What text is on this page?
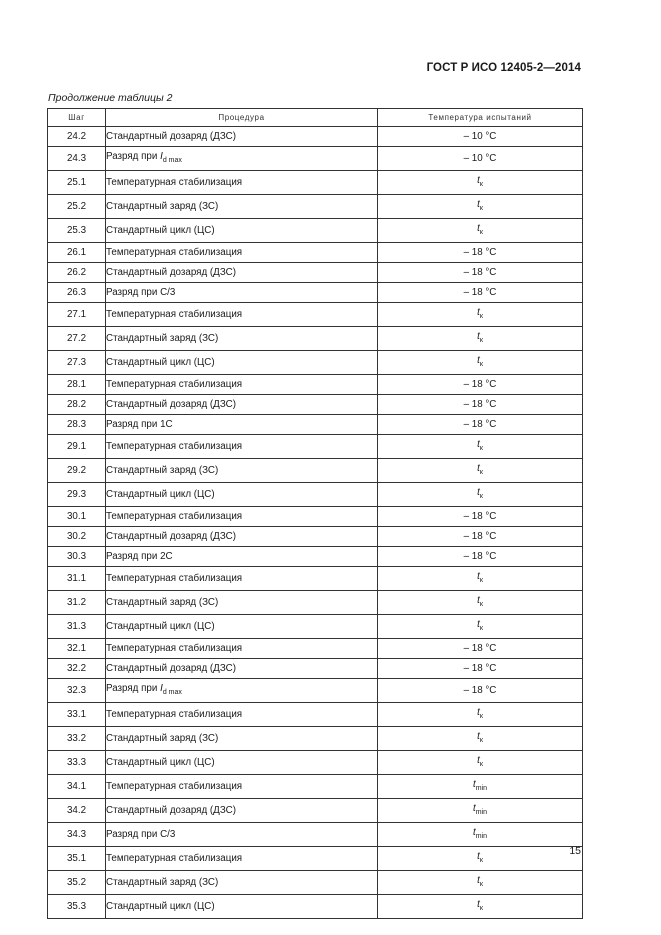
ГОСТ Р ИСО 12405-2—2014
Продолжение таблицы 2
Шаг	Процедура	Температура испытаний
24.2	Стандартный дозаряд (ДЗС)	– 10 °С
24.3	Разряд при $I_{d max}$	– 10 °С
25.1	Температурная стабилизация	$t_к$
25.2	Стандартный заряд (ЗС)	$t_к$
25.3	Стандартный цикл (ЦС)	$t_к$
26.1	Температурная стабилизация	– 18 °С
26.2	Стандартный дозаряд (ДЗС)	– 18 °С
26.3	Разряд при С/3	– 18 °С
27.1	Температурная стабилизация	$t_к$
27.2	Стандартный заряд (ЗС)	$t_к$
27.3	Стандартный цикл (ЦС)	$t_к$
28.1	Температурная стабилизация	– 18 °С
28.2	Стандартный дозаряд (ДЗС)	– 18 °С
28.3	Разряд при 1С	– 18 °С
29.1	Температурная стабилизация	$t_к$
29.2	Стандартный заряд (ЗС)	$t_к$
29.3	Стандартный цикл (ЦС)	$t_к$
30.1	Температурная стабилизация	– 18 °С
30.2	Стандартный дозаряд (ДЗС)	– 18 °С
30.3	Разряд при 2С	– 18 °С
31.1	Температурная стабилизация	$t_к$
31.2	Стандартный заряд (ЗС)	$t_к$
31.3	Стандартный цикл (ЦС)	$t_к$
32.1	Температурная стабилизация	– 18 °С
32.2	Стандартный дозаряд (ДЗС)	– 18 °С
32.3	Разряд при $I_{d max}$	– 18 °С
33.1	Температурная стабилизация	$t_к$
33.2	Стандартный заряд (ЗС)	$t_к$
33.3	Стандартный цикл (ЦС)	$t_к$
34.1	Температурная стабилизация	$t_{min}$
34.2	Стандартный дозаряд (ДЗС)	$t_{min}$
34.3	Разряд при С/3	$t_{min}$
35.1	Температурная стабилизация	$t_к$
35.2	Стандартный заряд (ЗС)	$t_к$
35.3	Стандартный цикл (ЦС)	$t_к$
15
